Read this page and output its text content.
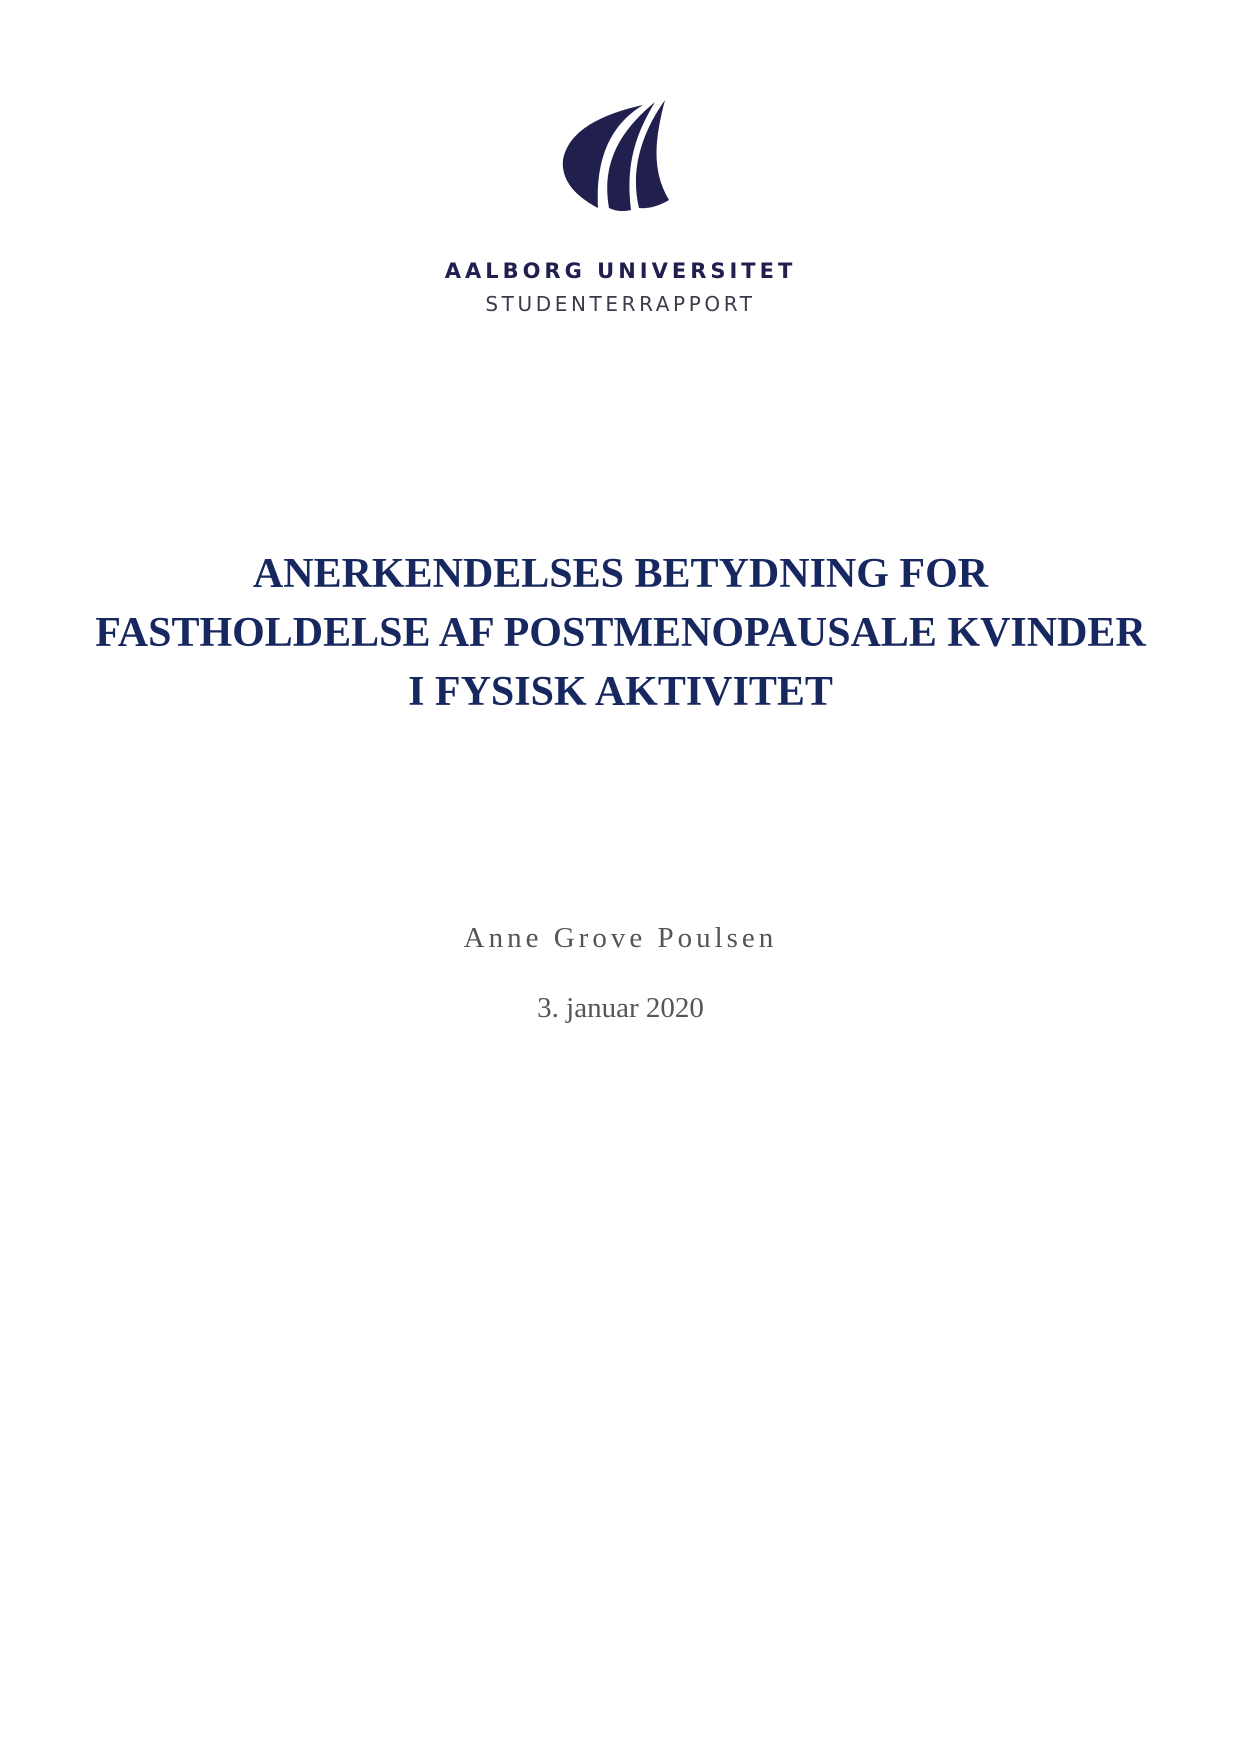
AALBORG UNIVERSITET
STUDENTERRAPPORT
ANERKENDELSES BETYDNING FOR
FASTHOLDELSE AF POSTMENOPAUSALE KVINDER
I FYSISK AKTIVITET
Anne Grove Poulsen
3. januar 2020
